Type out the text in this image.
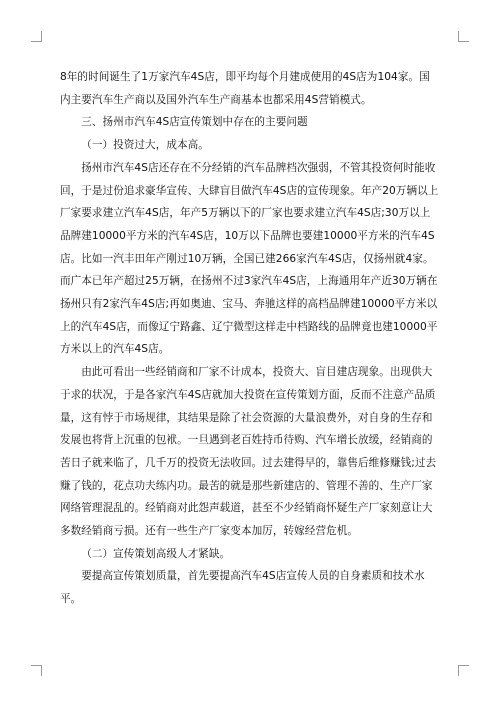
8年的时间诞生了1万家汽车4S店，即平均每个月建成使用的4S店为104家。国内主要汽车生产商以及国外汽车生产商基本也都采用4S营销模式。

三、扬州市汽车4S店宣传策划中存在的主要问题

（一）投资过大，成本高。

扬州市汽车4S店还存在不分经销的汽车品牌档次强弱，不管其投资何时能收回，于是过份追求豪华宣传、大肆盲目做汽车4S店的宣传现象。年产20万辆以上厂家要求建立汽车4S店，年产5万辆以下的厂家也要求建立汽车4S店;30万以上品牌建10000平方米的汽车4S店，10万以下品牌也要建10000平方米的汽车4S店。比如一汽丰田年产刚过10万辆，全国已建266家汽车4S店，仅扬州就4家。而广本已年产超过25万辆，在扬州不过3家汽车4S店，上海通用年产近30万辆在扬州只有2家汽车4S店;再如奥迪、宝马、奔驰这样的高档品牌建10000平方米以上的汽车4S店，而像辽宁路鑫、辽宁微型这样走中档路线的品牌竟也建10000平方米以上的汽车4S店。

由此可看出一些经销商和厂家不计成本，投资大、盲目建店现象。出现供大于求的状况，于是各家汽车4S店就加大投资在宣传策划方面，反而不注意产品质量，这有悖于市场规律，其结果是除了社会资源的大量浪费外，对自身的生存和发展也将背上沉重的包袱。一旦遇到老百姓持币待购、汽车增长放缓，经销商的苦日子就来临了，几千万的投资无法收回。过去建得早的，靠售后维修赚钱;过去赚了钱的，花点功夫练内功。最苦的就是那些新建店的、管理不善的、生产厂家网络管理混乱的。经销商对此怨声载道，甚至不少经销商怀疑生产厂家刻意让大多数经销商亏损。还有一些生产厂家变本加厉，转嫁经营危机。

（二）宣传策划高级人才紧缺。

要提高宣传策划质量，首先要提高汽车4S店宣传人员的自身素质和技术水平。
